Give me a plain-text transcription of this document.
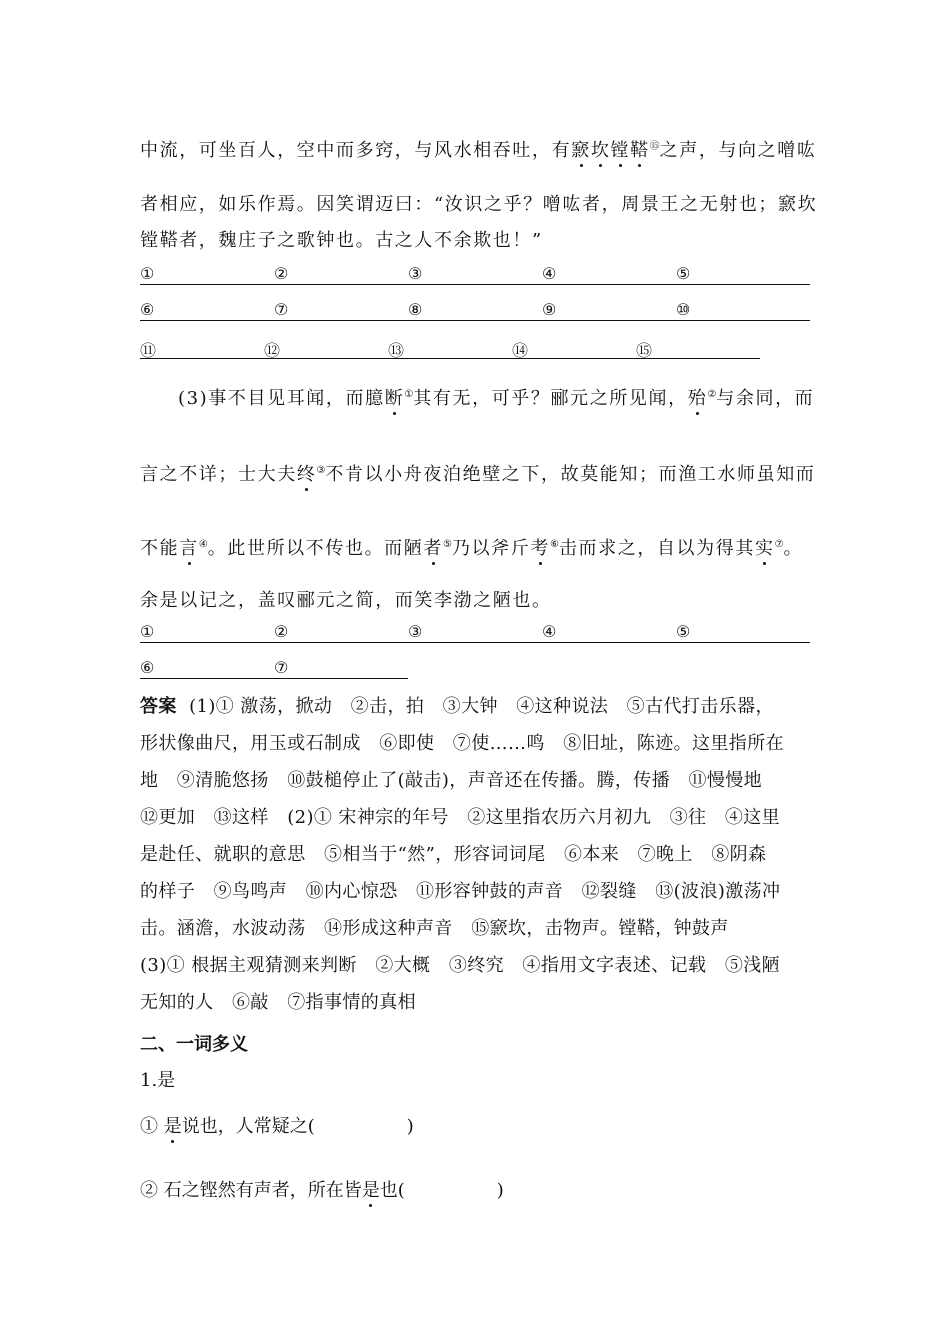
中流，可坐百人，空中而多窍，与风水相吞吐，有窾坎镗鞳⑮之声，与向之噌吰
者相应，如乐作焉。因笑谓迈曰：“汝识之乎？噌吰者，周景王之无射也；窾坎
镗鞳者，魏庄子之歌钟也。古之人不余欺也！”
①	②	③	④	⑤
⑥	⑦	⑧	⑨	⑩
⑪	⑫	⑬	⑭	⑮
(3)事不目见耳闻，而臆断①其有无，可乎？郦元之所见闻，殆②与余同，而
言之不详；士大夫终③不肯以小舟夜泊绝壁之下，故莫能知；而渔工水师虽知而
不能言④。此世所以不传也。而陋者⑤乃以斧斤考⑥击而求之，自以为得其实⑦。
余是以记之，盖叹郦元之简，而笑李渤之陋也。
①	②	③	④	⑤
⑥	⑦
答案 (1)① 激荡，掀动　②击，拍　③大钟　④这种说法　⑤古代打击乐器，
形状像曲尺，用玉或石制成　⑥即使　⑦使……鸣　⑧旧址，陈迹。这里指所在
地　⑨清脆悠扬　⑩鼓槌停止了(敲击)，声音还在传播。腾，传播　⑪慢慢地
⑫更加　⑬这样　(2)① 宋神宗的年号　②这里指农历六月初九　③往　④这里
是赴任、就职的意思　⑤相当于“然”，形容词词尾　⑥本来　⑦晚上　⑧阴森
的样子　⑨鸟鸣声　⑩内心惊恐　⑪形容钟鼓的声音　⑫裂缝　⑬(波浪)激荡冲
击。涵澹，水波动荡　⑭形成这种声音　⑮窾坎，击物声。镗鞳，钟鼓声
(3)① 根据主观猜测来判断　②大概　③终究　④指用文字表述、记载　⑤浅陋
无知的人　⑥敲　⑦指事情的真相
二、一词多义
1.是
① 是说也，人常疑之(	)
② 石之铿然有声者，所在皆是也(	)
